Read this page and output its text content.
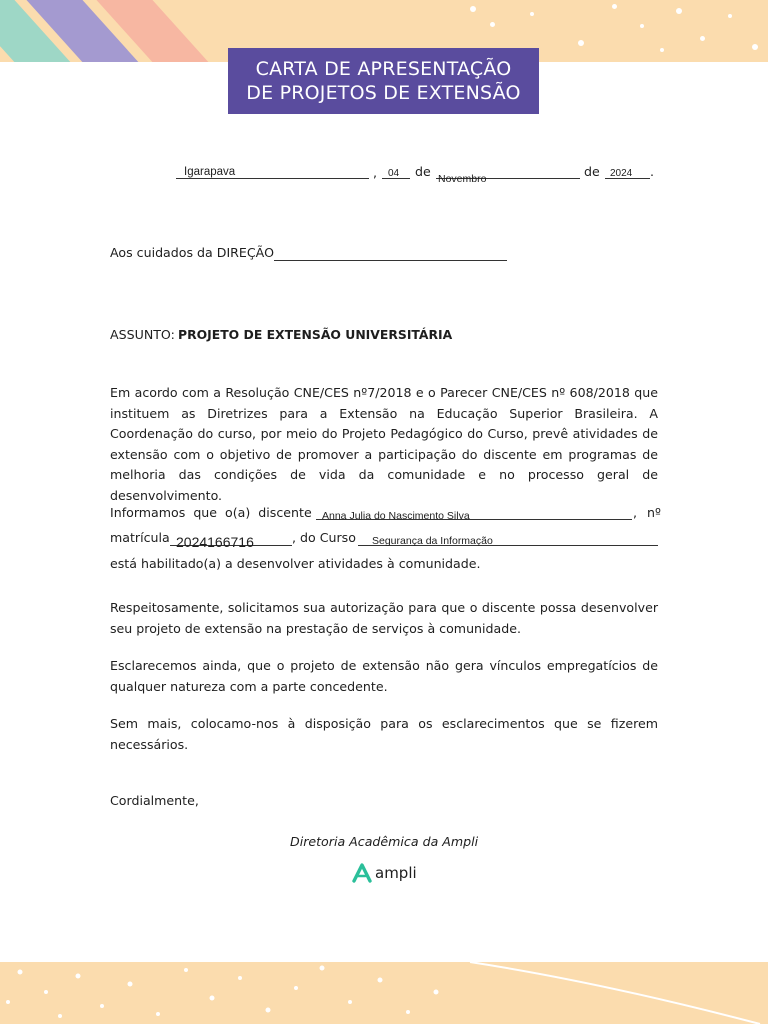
CARTA DE APRESENTAÇÃO
DE PROJETOS DE EXTENSÃO
Igarapava	, 04 de Novembro	de 2024 .
Aos cuidados da DIREÇÃO
ASSUNTO: PROJETO DE EXTENSÃO UNIVERSITÁRIA
Em acordo com a Resolução CNE/CES nº7/2018 e o Parecer CNE/CES nº 608/2018 que instituem as Diretrizes para a Extensão na Educação Superior Brasileira. A Coordenação do curso, por meio do Projeto Pedagógico do Curso, prevê atividades de extensão com o objetivo de promover a participação do discente em programas de melhoria das condições de vida da comunidade e no processo geral de desenvolvimento.
Informamos que o(a) discente Anna Julia do Nascimento Silva	, nº
matrícula 2024166716	, do Curso Segurança da Informação
está habilitado(a) a desenvolver atividades à comunidade.
Respeitosamente, solicitamos sua autorização para que o discente possa desenvolver seu projeto de extensão na prestação de serviços à comunidade.
Esclarecemos ainda, que o projeto de extensão não gera vínculos empregatícios de qualquer natureza com a parte concedente.
Sem mais, colocamo-nos à disposição para os esclarecimentos que se fizerem necessários.
Cordialmente,
Diretoria Acadêmica da Ampli
ampli
